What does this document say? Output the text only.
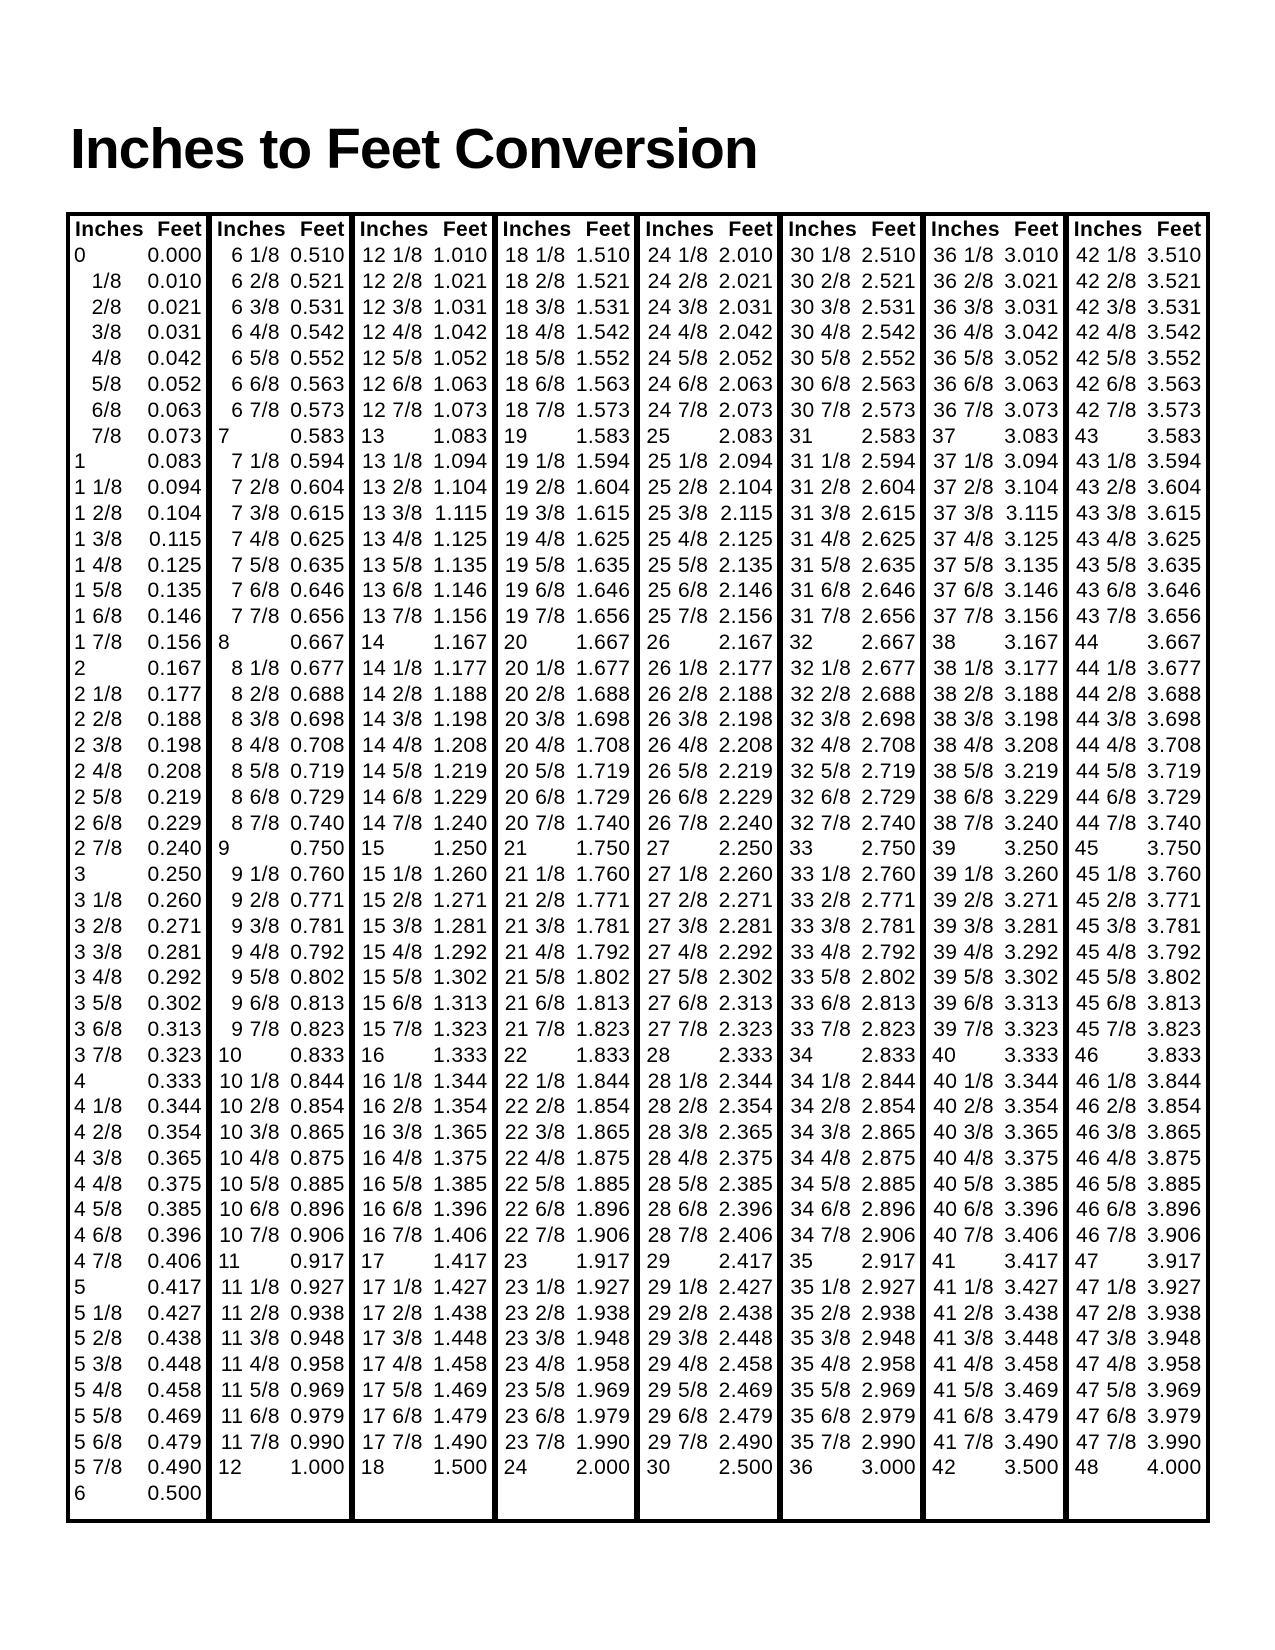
Inches to Feet Conversion
Inches Feet
0	0.000
1/8	0.010
2/8	0.021
3/8	0.031
4/8	0.042
5/8	0.052
6/8	0.063
7/8	0.073
1	0.083
1 1/8	0.094
1 2/8	0.104
1 3/8	0.115
1 4/8	0.125
1 5/8	0.135
1 6/8	0.146
1 7/8	0.156
2	0.167
2 1/8	0.177
2 2/8	0.188
2 3/8	0.198
2 4/8	0.208
2 5/8	0.219
2 6/8	0.229
2 7/8	0.240
3	0.250
3 1/8	0.260
3 2/8	0.271
3 3/8	0.281
3 4/8	0.292
3 5/8	0.302
3 6/8	0.313
3 7/8	0.323
4	0.333
4 1/8	0.344
4 2/8	0.354
4 3/8	0.365
4 4/8	0.375
4 5/8	0.385
4 6/8	0.396
4 7/8	0.406
5	0.417
5 1/8	0.427
5 2/8	0.438
5 3/8	0.448
5 4/8	0.458
5 5/8	0.469
5 6/8	0.479
5 7/8	0.490
6	0.500
Inches Feet
6 1/8 0.510
6 2/8 0.521
6 3/8 0.531
6 4/8 0.542
6 5/8 0.552
6 6/8 0.563
6 7/8 0.573
7	0.583
7 1/8 0.594
7 2/8 0.604
7 3/8 0.615
7 4/8 0.625
7 5/8 0.635
7 6/8 0.646
7 7/8 0.656
8	0.667
8 1/8 0.677
8 2/8 0.688
8 3/8 0.698
8 4/8 0.708
8 5/8 0.719
8 6/8 0.729
8 7/8 0.740
9	0.750
9 1/8 0.760
9 2/8 0.771
9 3/8 0.781
9 4/8 0.792
9 5/8 0.802
9 6/8 0.813
9 7/8 0.823
10	0.833
10 1/8 0.844
10 2/8 0.854
10 3/8 0.865
10 4/8 0.875
10 5/8 0.885
10 6/8 0.896
10 7/8 0.906
11	0.917
11 1/8 0.927
11 2/8 0.938
11 3/8 0.948
11 4/8 0.958
11 5/8 0.969
11 6/8 0.979
11 7/8 0.990
12	1.000
Inches Feet
12 1/8 1.010
12 2/8 1.021
12 3/8 1.031
12 4/8 1.042
12 5/8 1.052
12 6/8 1.063
12 7/8 1.073
13	1.083
13 1/8 1.094
13 2/8 1.104
13 3/8 1.115
13 4/8 1.125
13 5/8 1.135
13 6/8 1.146
13 7/8 1.156
14	1.167
14 1/8 1.177
14 2/8 1.188
14 3/8 1.198
14 4/8 1.208
14 5/8 1.219
14 6/8 1.229
14 7/8 1.240
15	1.250
15 1/8 1.260
15 2/8 1.271
15 3/8 1.281
15 4/8 1.292
15 5/8 1.302
15 6/8 1.313
15 7/8 1.323
16	1.333
16 1/8 1.344
16 2/8 1.354
16 3/8 1.365
16 4/8 1.375
16 5/8 1.385
16 6/8 1.396
16 7/8 1.406
17	1.417
17 1/8 1.427
17 2/8 1.438
17 3/8 1.448
17 4/8 1.458
17 5/8 1.469
17 6/8 1.479
17 7/8 1.490
18	1.500
Inches Feet
18 1/8 1.510
18 2/8 1.521
18 3/8 1.531
18 4/8 1.542
18 5/8 1.552
18 6/8 1.563
18 7/8 1.573
19	1.583
19 1/8 1.594
19 2/8 1.604
19 3/8 1.615
19 4/8 1.625
19 5/8 1.635
19 6/8 1.646
19 7/8 1.656
20	1.667
20 1/8 1.677
20 2/8 1.688
20 3/8 1.698
20 4/8 1.708
20 5/8 1.719
20 6/8 1.729
20 7/8 1.740
21	1.750
21 1/8 1.760
21 2/8 1.771
21 3/8 1.781
21 4/8 1.792
21 5/8 1.802
21 6/8 1.813
21 7/8 1.823
22	1.833
22 1/8 1.844
22 2/8 1.854
22 3/8 1.865
22 4/8 1.875
22 5/8 1.885
22 6/8 1.896
22 7/8 1.906
23	1.917
23 1/8 1.927
23 2/8 1.938
23 3/8 1.948
23 4/8 1.958
23 5/8 1.969
23 6/8 1.979
23 7/8 1.990
24	2.000
Inches Feet
24 1/8 2.010
24 2/8 2.021
24 3/8 2.031
24 4/8 2.042
24 5/8 2.052
24 6/8 2.063
24 7/8 2.073
25	2.083
25 1/8 2.094
25 2/8 2.104
25 3/8 2.115
25 4/8 2.125
25 5/8 2.135
25 6/8 2.146
25 7/8 2.156
26	2.167
26 1/8 2.177
26 2/8 2.188
26 3/8 2.198
26 4/8 2.208
26 5/8 2.219
26 6/8 2.229
26 7/8 2.240
27	2.250
27 1/8 2.260
27 2/8 2.271
27 3/8 2.281
27 4/8 2.292
27 5/8 2.302
27 6/8 2.313
27 7/8 2.323
28	2.333
28 1/8 2.344
28 2/8 2.354
28 3/8 2.365
28 4/8 2.375
28 5/8 2.385
28 6/8 2.396
28 7/8 2.406
29	2.417
29 1/8 2.427
29 2/8 2.438
29 3/8 2.448
29 4/8 2.458
29 5/8 2.469
29 6/8 2.479
29 7/8 2.490
30	2.500
Inches Feet
30 1/8 2.510
30 2/8 2.521
30 3/8 2.531
30 4/8 2.542
30 5/8 2.552
30 6/8 2.563
30 7/8 2.573
31	2.583
31 1/8 2.594
31 2/8 2.604
31 3/8 2.615
31 4/8 2.625
31 5/8 2.635
31 6/8 2.646
31 7/8 2.656
32	2.667
32 1/8 2.677
32 2/8 2.688
32 3/8 2.698
32 4/8 2.708
32 5/8 2.719
32 6/8 2.729
32 7/8 2.740
33	2.750
33 1/8 2.760
33 2/8 2.771
33 3/8 2.781
33 4/8 2.792
33 5/8 2.802
33 6/8 2.813
33 7/8 2.823
34	2.833
34 1/8 2.844
34 2/8 2.854
34 3/8 2.865
34 4/8 2.875
34 5/8 2.885
34 6/8 2.896
34 7/8 2.906
35	2.917
35 1/8 2.927
35 2/8 2.938
35 3/8 2.948
35 4/8 2.958
35 5/8 2.969
35 6/8 2.979
35 7/8 2.990
36	3.000
Inches Feet
36 1/8 3.010
36 2/8 3.021
36 3/8 3.031
36 4/8 3.042
36 5/8 3.052
36 6/8 3.063
36 7/8 3.073
37	3.083
37 1/8 3.094
37 2/8 3.104
37 3/8 3.115
37 4/8 3.125
37 5/8 3.135
37 6/8 3.146
37 7/8 3.156
38	3.167
38 1/8 3.177
38 2/8 3.188
38 3/8 3.198
38 4/8 3.208
38 5/8 3.219
38 6/8 3.229
38 7/8 3.240
39	3.250
39 1/8 3.260
39 2/8 3.271
39 3/8 3.281
39 4/8 3.292
39 5/8 3.302
39 6/8 3.313
39 7/8 3.323
40	3.333
40 1/8 3.344
40 2/8 3.354
40 3/8 3.365
40 4/8 3.375
40 5/8 3.385
40 6/8 3.396
40 7/8 3.406
41	3.417
41 1/8 3.427
41 2/8 3.438
41 3/8 3.448
41 4/8 3.458
41 5/8 3.469
41 6/8 3.479
41 7/8 3.490
42	3.500
Inches Feet
42 1/8 3.510
42 2/8 3.521
42 3/8 3.531
42 4/8 3.542
42 5/8 3.552
42 6/8 3.563
42 7/8 3.573
43	3.583
43 1/8 3.594
43 2/8 3.604
43 3/8 3.615
43 4/8 3.625
43 5/8 3.635
43 6/8 3.646
43 7/8 3.656
44	3.667
44 1/8 3.677
44 2/8 3.688
44 3/8 3.698
44 4/8 3.708
44 5/8 3.719
44 6/8 3.729
44 7/8 3.740
45	3.750
45 1/8 3.760
45 2/8 3.771
45 3/8 3.781
45 4/8 3.792
45 5/8 3.802
45 6/8 3.813
45 7/8 3.823
46	3.833
46 1/8 3.844
46 2/8 3.854
46 3/8 3.865
46 4/8 3.875
46 5/8 3.885
46 6/8 3.896
46 7/8 3.906
47	3.917
47 1/8 3.927
47 2/8 3.938
47 3/8 3.948
47 4/8 3.958
47 5/8 3.969
47 6/8 3.979
47 7/8 3.990
48	4.000
